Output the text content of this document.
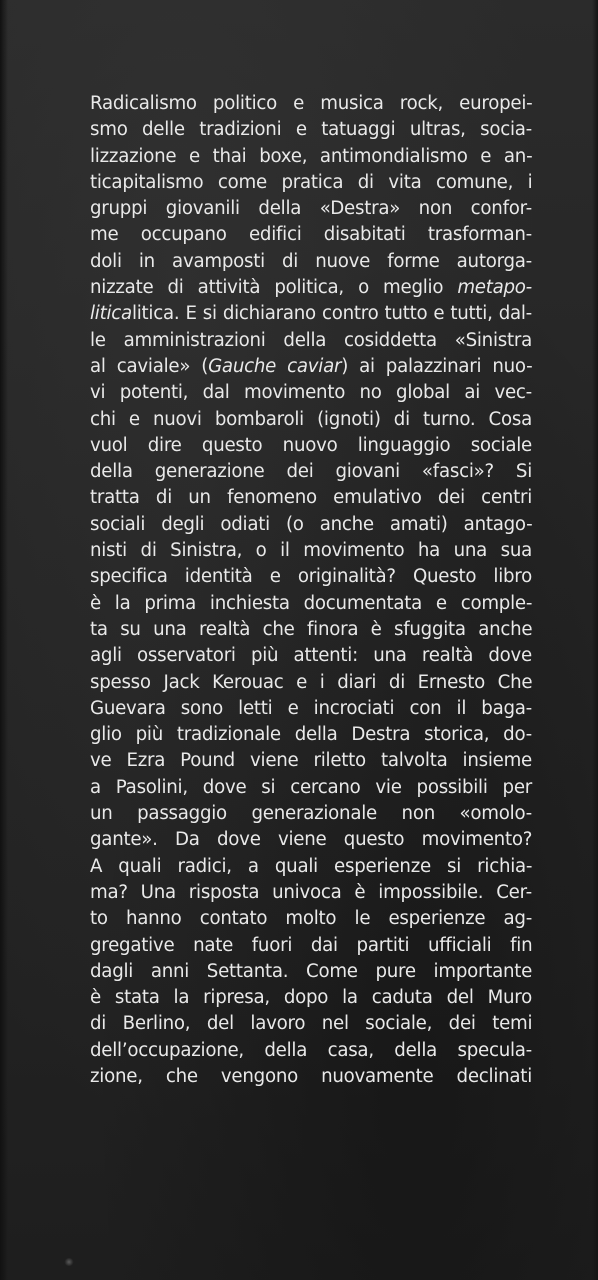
Radicalismo politico e musica rock, europei-
smo delle tradizioni e tatuaggi ultras, socia-
lizzazione e thai boxe, antimondialismo e an-
ticapitalismo come pratica di vita comune, i
gruppi giovanili della «Destra» non confor-
me occupano edifici disabitati trasforman-
doli in avamposti di nuove forme autorga-
nizzate di attività politica, o meglio metapo-
liticalitica. E si dichiarano contro tutto e tutti, dal-
le amministrazioni della cosiddetta «Sinistra
al caviale» (Gauche caviar) ai palazzinari nuo-
vi potenti, dal movimento no global ai vec-
chi e nuovi bombaroli (ignoti) di turno. Cosa
vuol dire questo nuovo linguaggio sociale
della generazione dei giovani «fasci»? Si
tratta di un fenomeno emulativo dei centri
sociali degli odiati (o anche amati) antago-
nisti di Sinistra, o il movimento ha una sua
specifica identità e originalità? Questo libro
è la prima inchiesta documentata e comple-
ta su una realtà che finora è sfuggita anche
agli osservatori più attenti: una realtà dove
spesso Jack Kerouac e i diari di Ernesto Che
Guevara sono letti e incrociati con il baga-
glio più tradizionale della Destra storica, do-
ve Ezra Pound viene riletto talvolta insieme
a Pasolini, dove si cercano vie possibili per
un passaggio generazionale non «omolo-
gante». Da dove viene questo movimento?
A quali radici, a quali esperienze si richia-
ma? Una risposta univoca è impossibile. Cer-
to hanno contato molto le esperienze ag-
gregative nate fuori dai partiti ufficiali fin
dagli anni Settanta. Come pure importante
è stata la ripresa, dopo la caduta del Muro
di Berlino, del lavoro nel sociale, dei temi
dell’occupazione, della casa, della specula-
zione, che vengono nuovamente declinati
